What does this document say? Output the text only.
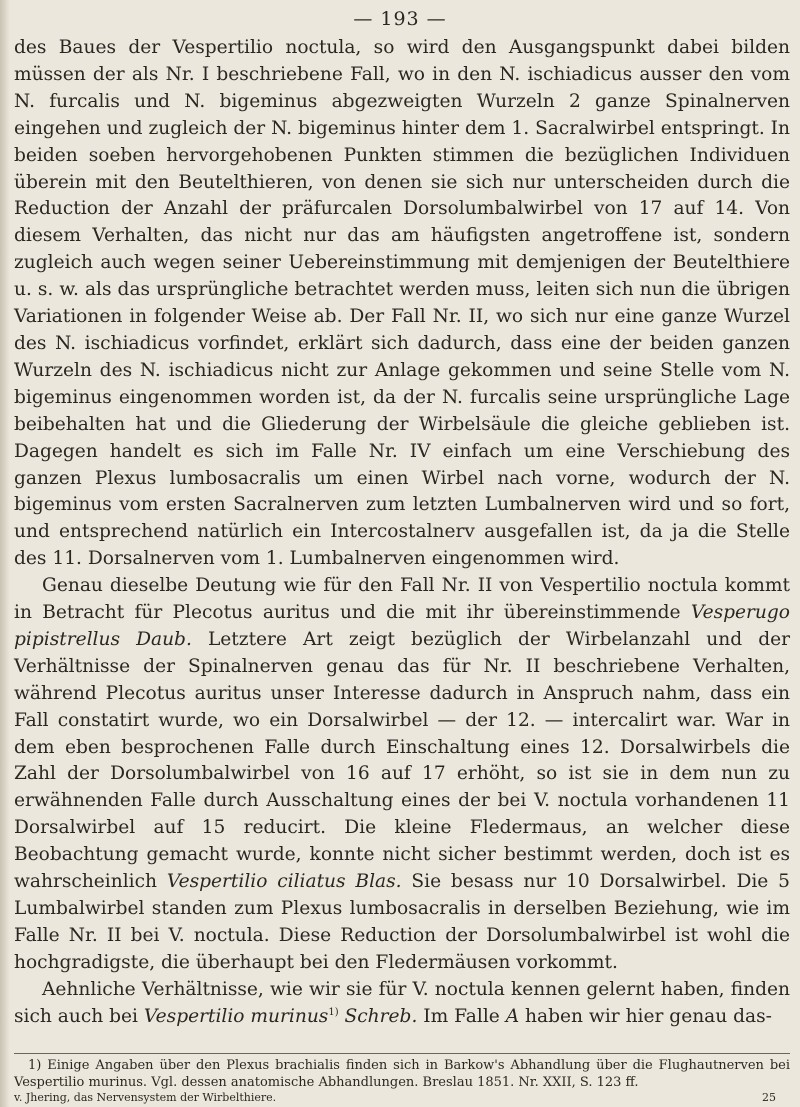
— 193 —

des Baues der Vespertilio noctula, so wird den Ausgangspunkt dabei bilden müssen der als Nr. I beschriebene Fall, wo in den N. ischiadicus ausser den vom N. furcalis und N. bigeminus abgezweigten Wurzeln 2 ganze Spinalnerven eingehen und zugleich der N. bigeminus hinter dem 1. Sacralwirbel entspringt. In beiden soeben hervorgehobenen Punkten stimmen die bezüglichen Individuen überein mit den Beutelthieren, von denen sie sich nur unterscheiden durch die Reduction der Anzahl der präfurcalen Dorsolumbalwirbel von 17 auf 14. Von diesem Verhalten, das nicht nur das am häufigsten angetroffene ist, sondern zugleich auch wegen seiner Uebereinstimmung mit demjenigen der Beutelthiere u. s. w. als das ursprüngliche betrachtet werden muss, leiten sich nun die übrigen Variationen in folgender Weise ab. Der Fall Nr. II, wo sich nur eine ganze Wurzel des N. ischiadicus vorfindet, erklärt sich dadurch, dass eine der beiden ganzen Wurzeln des N. ischiadicus nicht zur Anlage gekommen und seine Stelle vom N. bigeminus eingenommen worden ist, da der N. furcalis seine ursprüngliche Lage beibehalten hat und die Gliederung der Wirbelsäule die gleiche geblieben ist. Dagegen handelt es sich im Falle Nr. IV einfach um eine Verschiebung des ganzen Plexus lumbosacralis um einen Wirbel nach vorne, wodurch der N. bigeminus vom ersten Sacralnerven zum letzten Lumbalnerven wird und so fort, und entsprechend natürlich ein Intercostalnerv ausgefallen ist, da ja die Stelle des 11. Dorsalnerven vom 1. Lumbalnerven eingenommen wird.

Genau dieselbe Deutung wie für den Fall Nr. II von Vespertilio noctula kommt in Betracht für Plecotus auritus und die mit ihr übereinstimmende Vesperugo pipistrellus Daub. Letztere Art zeigt bezüglich der Wirbelanzahl und der Verhältnisse der Spinalnerven genau das für Nr. II beschriebene Verhalten, während Plecotus auritus unser Interesse dadurch in Anspruch nahm, dass ein Fall constatirt wurde, wo ein Dorsalwirbel — der 12. — intercalirt war. War in dem eben besprochenen Falle durch Einschaltung eines 12. Dorsalwirbels die Zahl der Dorsolumbalwirbel von 16 auf 17 erhöht, so ist sie in dem nun zu erwähnenden Falle durch Ausschaltung eines der bei V. noctula vorhandenen 11 Dorsalwirbel auf 15 reducirt. Die kleine Fledermaus, an welcher diese Beobachtung gemacht wurde, konnte nicht sicher bestimmt werden, doch ist es wahrscheinlich Vespertilio ciliatus Blas. Sie besass nur 10 Dorsalwirbel. Die 5 Lumbalwirbel standen zum Plexus lumbosacralis in derselben Beziehung, wie im Falle Nr. II bei V. noctula. Diese Reduction der Dorsolumbalwirbel ist wohl die hochgradigste, die überhaupt bei den Fledermäusen vorkommt.

Aehnliche Verhältnisse, wie wir sie für V. noctula kennen gelernt haben, finden sich auch bei Vespertilio murinus$^{1)}$ Schreb. Im Falle A haben wir hier genau das-

1) Einige Angaben über den Plexus brachialis finden sich in Barkow's Abhandlung über die Flughautnerven bei Vespertilio murinus. Vgl. dessen anatomische Abhandlungen. Breslau 1851. Nr. XXII, S. 123 ff.
v. Jhering, das Nervensystem der Wirbelthiere.	25
